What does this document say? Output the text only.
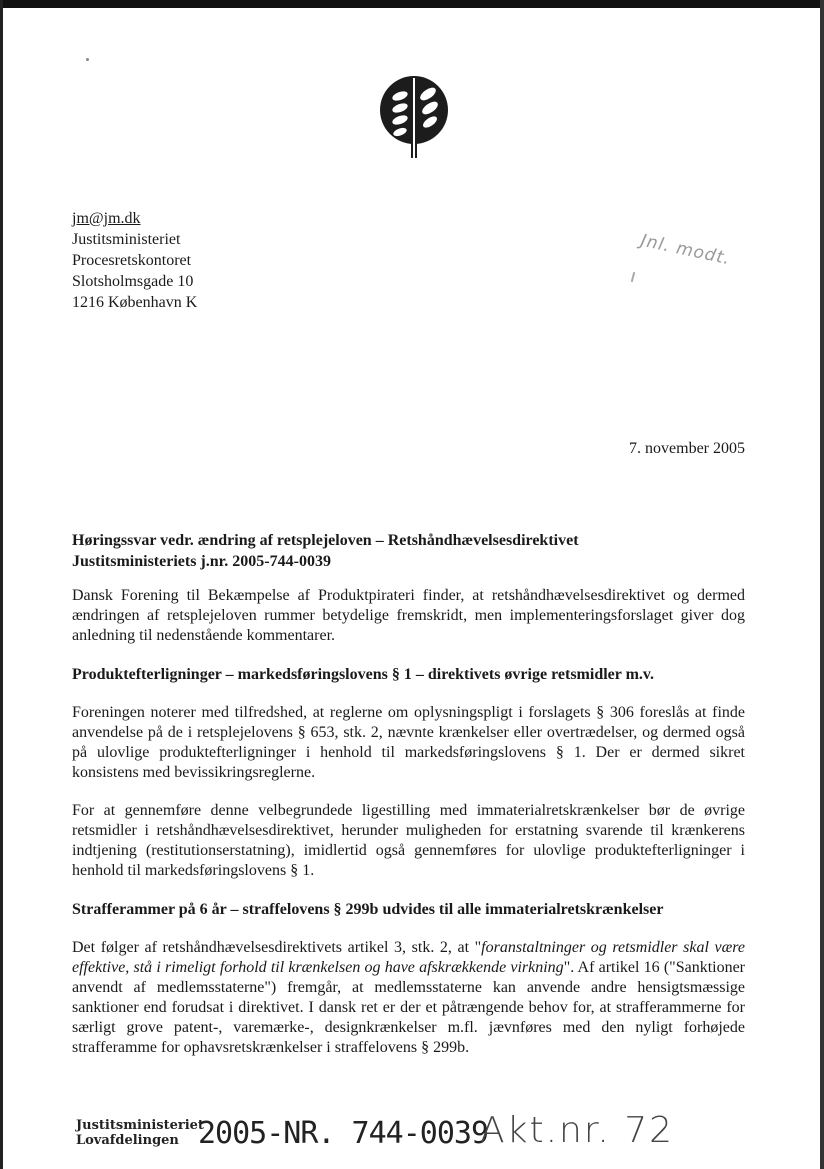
jm@jm.dk
Justitsministeriet
Procesretskontoret
Slotsholmsgade 10
1216 København K
Jnl. modt.
7. november 2005
Høringssvar vedr. ændring af retsplejeloven – Retshåndhævelsesdirektivet
Justitsministeriets j.nr. 2005-744-0039

Dansk Forening til Bekæmpelse af Produktpirateri finder, at retshåndhævelsesdirektivet og dermed ændringen af retsplejeloven rummer betydelige fremskridt, men implementeringsforslaget giver dog anledning til nedenstående kommentarer.

Produktefterligninger – markedsføringslovens § 1 – direktivets øvrige retsmidler m.v.

Foreningen noterer med tilfredshed, at reglerne om oplysningspligt i forslagets § 306 foreslås at finde anvendelse på de i retsplejelovens § 653, stk. 2, nævnte krænkelser eller overtrædelser, og dermed også på ulovlige produktefterligninger i henhold til markedsføringslovens § 1. Der er dermed sikret konsistens med bevissikringsreglerne.

For at gennemføre denne velbegrundede ligestilling med immaterialretskrænkelser bør de øvrige retsmidler i retshåndhævelsesdirektivet, herunder muligheden for erstatning svarende til krænkerens indtjening (restitutionserstatning), imidlertid også gennemføres for ulovlige produktefterligninger i henhold til markedsføringslovens § 1.

Strafferammer på 6 år – straffelovens § 299b udvides til alle immaterialretskrænkelser

Det følger af retshåndhævelsesdirektivets artikel 3, stk. 2, at "foranstaltninger og retsmidler skal være effektive, stå i rimeligt forhold til krænkelsen og have afskrækkende virkning". Af artikel 16 ("Sanktioner anvendt af medlemsstaterne") fremgår, at medlemsstaterne kan anvende andre hensigtsmæssige sanktioner end forudsat i direktivet. I dansk ret er der et påtrængende behov for, at strafferammerne for særligt grove patent-, varemærke-, designkrænkelser m.fl. jævnføres med den nyligt forhøjede strafferamme for ophavsretskrænkelser i straffelovens § 299b.

Justitsministeriet
Lovafdelingen 2005-NR. 744-0039
Akt.nr. 72
